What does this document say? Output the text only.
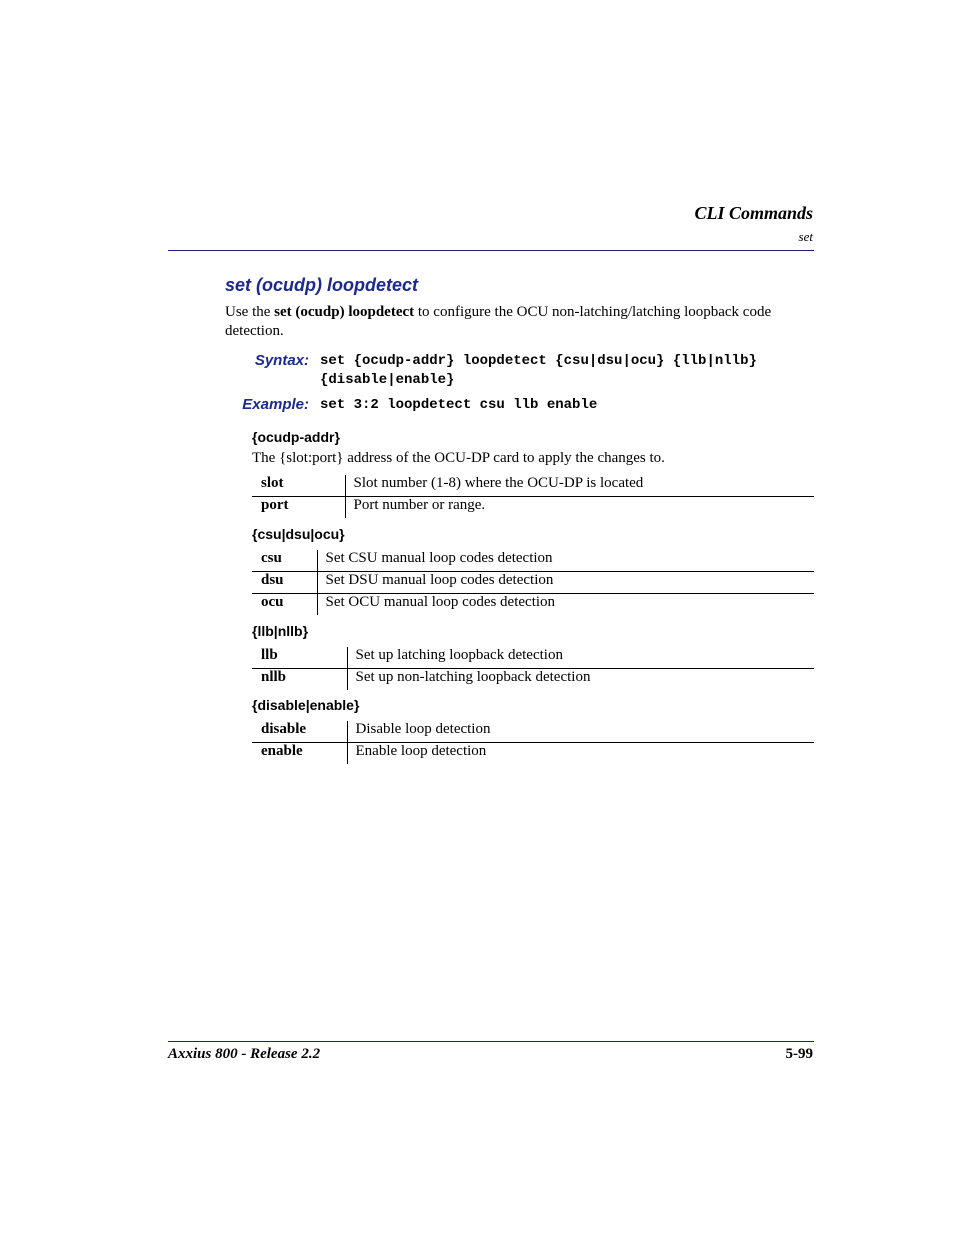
CLI Commands
set
set (ocudp) loopdetect
Use the set (ocudp) loopdetect to configure the OCU non-latching/latching loopback code detection.
Syntax: set {ocudp-addr} loopdetect {csu|dsu|ocu} {llb|nllb}
{disable|enable}
Example: set 3:2 loopdetect csu llb enable
{ocudp-addr}
The {slot:port} address of the OCU-DP card to apply the changes to.
slot	Slot number (1-8) where the OCU-DP is located
port	Port number or range.
{csu|dsu|ocu}
csu	Set CSU manual loop codes detection
dsu	Set DSU manual loop codes detection
ocu	Set OCU manual loop codes detection
{llb|nllb}
llb	Set up latching loopback detection
nllb	Set up non-latching loopback detection
{disable|enable}
disable	Disable loop detection
enable	Enable loop detection
Axxius 800 - Release 2.2	5-99
